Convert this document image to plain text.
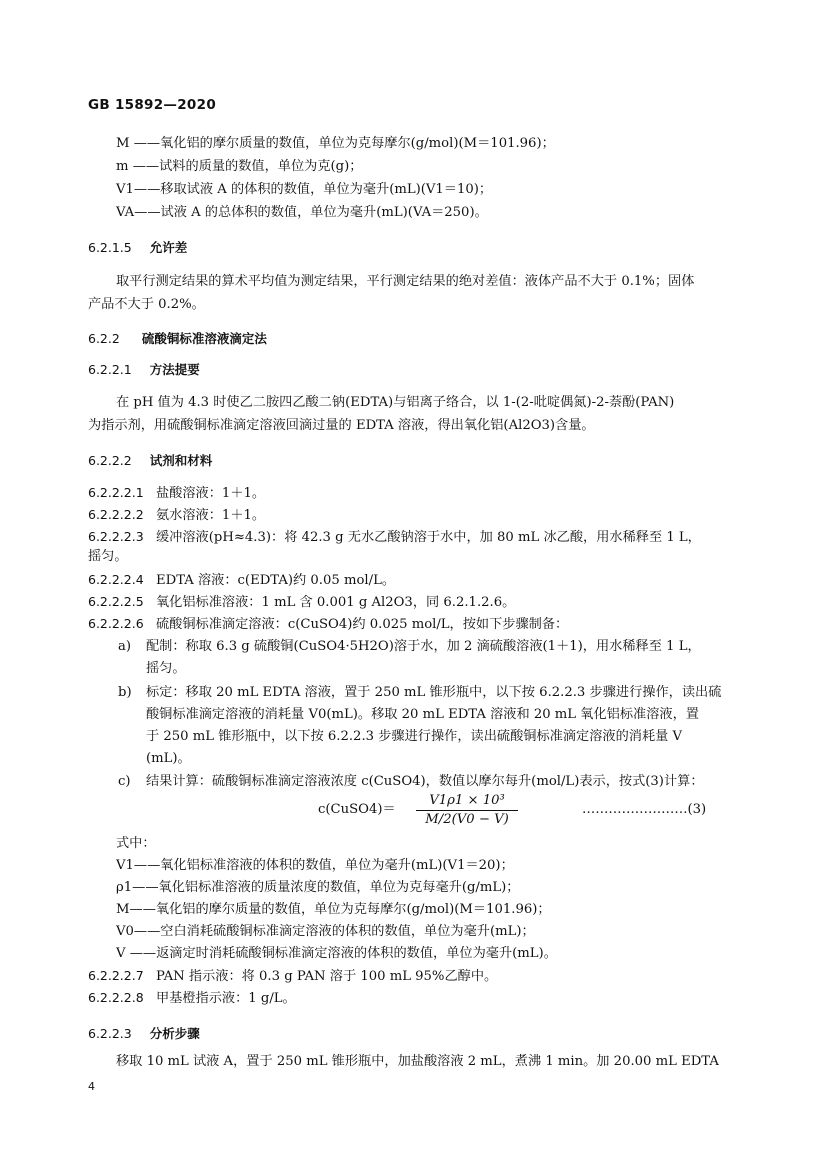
GB 15892—2020
M ——氧化铝的摩尔质量的数值，单位为克每摩尔(g/mol)(M＝101.96)；
m ——试料的质量的数值，单位为克(g)；
V1——移取试液 A 的体积的数值，单位为毫升(mL)(V1＝10)；
VA——试液 A 的总体积的数值，单位为毫升(mL)(VA＝250)。
6.2.1.5 允许差
取平行测定结果的算术平均值为测定结果，平行测定结果的绝对差值：液体产品不大于 0.1%；固体
产品不大于 0.2%。
6.2.2 硫酸铜标准溶液滴定法
6.2.2.1 方法提要
在 pH 值为 4.3 时使乙二胺四乙酸二钠(EDTA)与铝离子络合，以 1-(2-吡啶偶氮)-2-萘酚(PAN)
为指示剂，用硫酸铜标准滴定溶液回滴过量的 EDTA 溶液，得出氧化铝(Al2O3)含量。
6.2.2.2 试剂和材料
6.2.2.2.1 盐酸溶液：1＋1。
6.2.2.2.2 氨水溶液：1＋1。
6.2.2.2.3 缓冲溶液(pH≈4.3)：将 42.3 g 无水乙酸钠溶于水中，加 80 mL 冰乙酸，用水稀释至 1 L，
摇匀。
6.2.2.2.4 EDTA 溶液：c(EDTA)约 0.05 mol/L。
6.2.2.2.5 氧化铝标准溶液：1 mL 含 0.001 g Al2O3，同 6.2.1.2.6。
6.2.2.2.6 硫酸铜标准滴定溶液：c(CuSO4)约 0.025 mol/L，按如下步骤制备：
a) 配制：称取 6.3 g 硫酸铜(CuSO4·5H2O)溶于水，加 2 滴硫酸溶液(1＋1)，用水稀释至 1 L，
摇匀。
b) 标定：移取 20 mL EDTA 溶液，置于 250 mL 锥形瓶中，以下按 6.2.2.3 步骤进行操作，读出硫
酸铜标准滴定溶液的消耗量 V0(mL)。移取 20 mL EDTA 溶液和 20 mL 氧化铝标准溶液，置
于 250 mL 锥形瓶中，以下按 6.2.2.3 步骤进行操作，读出硫酸铜标准滴定溶液的消耗量 V
(mL)。
c) 结果计算：硫酸铜标准滴定溶液浓度 c(CuSO4)，数值以摩尔每升(mol/L)表示，按式(3)计算：
c(CuSO4)＝
V1ρ1 × 10³
M/2(V0 − V)
……………………(3)
式中：
V1——氧化铝标准溶液的体积的数值，单位为毫升(mL)(V1＝20)；
ρ1——氧化铝标准溶液的质量浓度的数值，单位为克每毫升(g/mL)；
M——氧化铝的摩尔质量的数值，单位为克每摩尔(g/mol)(M＝101.96)；
V0——空白消耗硫酸铜标准滴定溶液的体积的数值，单位为毫升(mL)；
V ——返滴定时消耗硫酸铜标准滴定溶液的体积的数值，单位为毫升(mL)。
6.2.2.2.7 PAN 指示液：将 0.3 g PAN 溶于 100 mL 95%乙醇中。
6.2.2.2.8 甲基橙指示液：1 g/L。
6.2.2.3 分析步骤
移取 10 mL 试液 A，置于 250 mL 锥形瓶中，加盐酸溶液 2 mL，煮沸 1 min。加 20.00 mL EDTA
4
